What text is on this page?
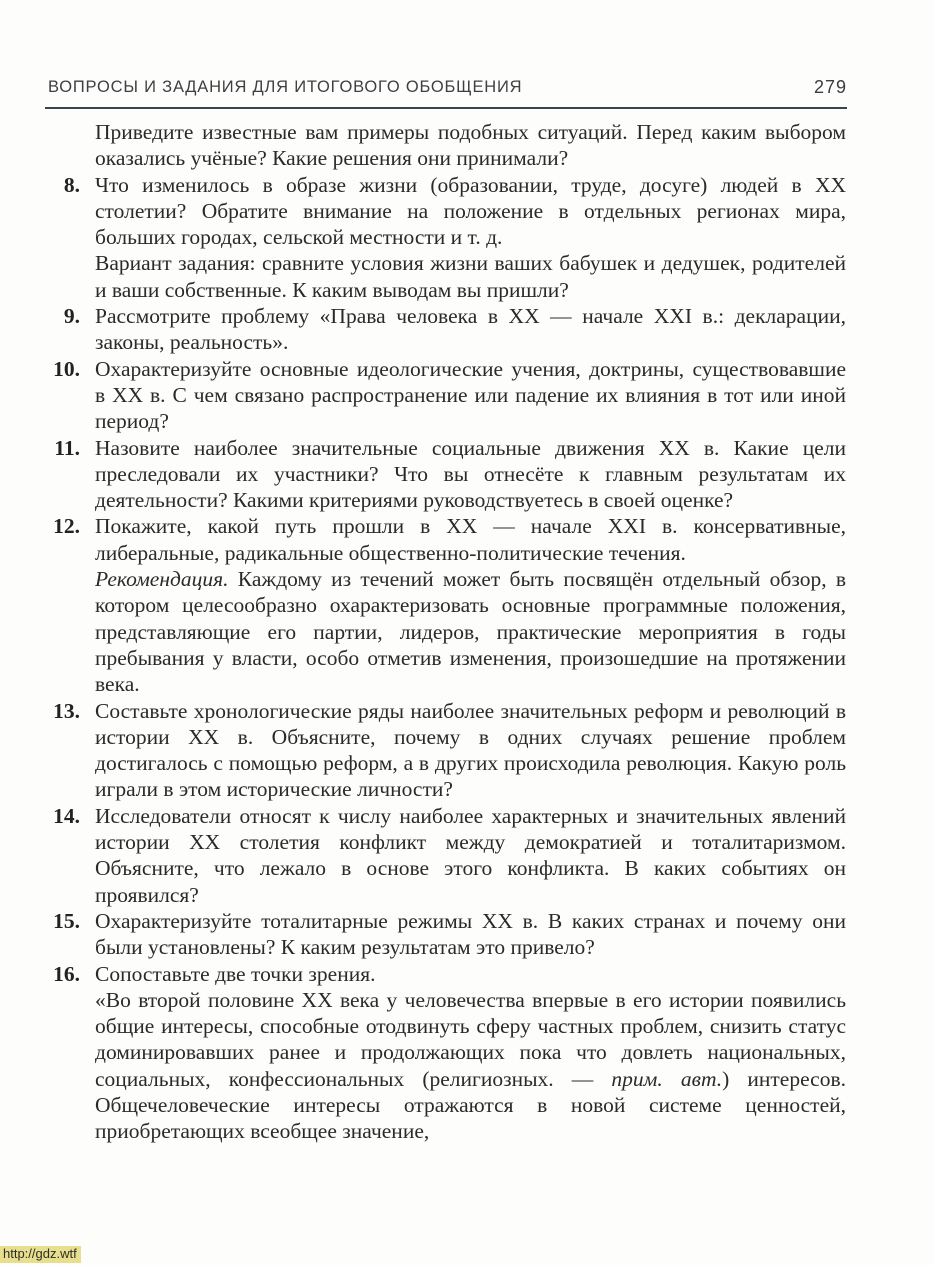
ВОПРОСЫ И ЗАДАНИЯ ДЛЯ ИТОГОВОГО ОБОБЩЕНИЯ	279
Приведите известные вам примеры подобных ситуаций. Перед каким выбором оказались учёные? Какие решения они принимали?
8. Что изменилось в образе жизни (образовании, труде, досуге) людей в XX столетии? Обратите внимание на положение в отдельных регионах мира, больших городах, сельской местности и т. д.
Вариант задания: сравните условия жизни ваших бабушек и дедушек, родителей и ваши собственные. К каким выводам вы пришли?
9. Рассмотрите проблему «Права человека в XX — начале XXI в.: декларации, законы, реальность».
10. Охарактеризуйте основные идеологические учения, доктрины, существовавшие в XX в. С чем связано распространение или падение их влияния в тот или иной период?
11. Назовите наиболее значительные социальные движения XX в. Какие цели преследовали их участники? Что вы отнесёте к главным результатам их деятельности? Какими критериями руководствуетесь в своей оценке?
12. Покажите, какой путь прошли в XX — начале XXI в. консервативные, либеральные, радикальные общественно-политические течения.
Рекомендация. Каждому из течений может быть посвящён отдельный обзор, в котором целесообразно охарактеризовать основные программные положения, представляющие его партии, лидеров, практические мероприятия в годы пребывания у власти, особо отметив изменения, произошедшие на протяжении века.
13. Составьте хронологические ряды наиболее значительных реформ и революций в истории XX в. Объясните, почему в одних случаях решение проблем достигалось с помощью реформ, а в других происходила революция. Какую роль играли в этом исторические личности?
14. Исследователи относят к числу наиболее характерных и значительных явлений истории XX столетия конфликт между демократией и тоталитаризмом. Объясните, что лежало в основе этого конфликта. В каких событиях он проявился?
15. Охарактеризуйте тоталитарные режимы XX в. В каких странах и почему они были установлены? К каким результатам это привело?
16. Сопоставьте две точки зрения.
«Во второй половине XX века у человечества впервые в его истории появились общие интересы, способные отодвинуть сферу частных проблем, снизить статус доминировавших ранее и продолжающих пока что довлеть национальных, социальных, конфессиональных (религиозных. — прим. авт.) интересов. Общечеловеческие интересы отражаются в новой системе ценностей, приобретающих всеобщее значение,
http://gdz.wtf
